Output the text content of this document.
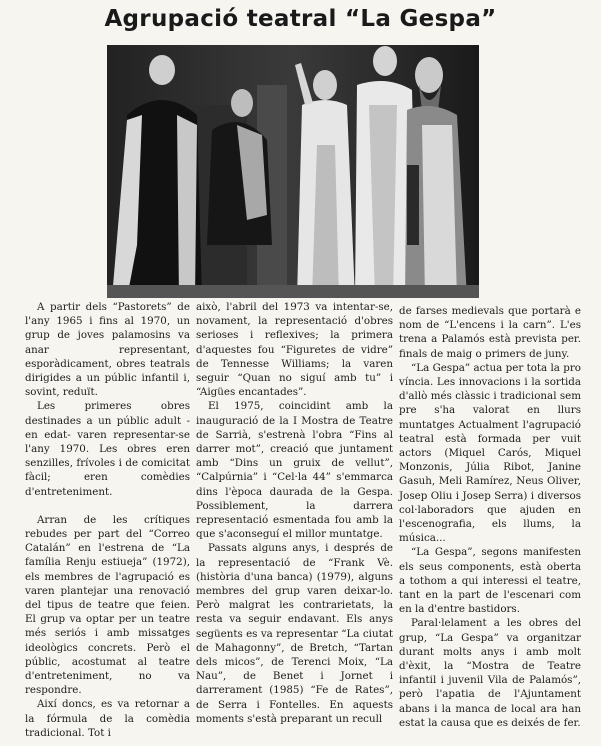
Agrupació teatral “La Gespa”

A partir dels “Pastorets” de l'any 1965 i fins al 1970, un grup de joves palamosins va anar representant, esporàdicament, obres teatrals dirigides a un públic infantil i, sovint, reduït.

Les primeres obres destinades a un públic adult -en edat- varen representar-se l'any 1970. Les obres eren senzilles, frívoles i de comicitat fàcil; eren comèdies d'entreteniment.

Arran de les crítiques rebudes per part del “Correo Catalán” en l'estrena de “La família Renju estiueja” (1972), els membres de l'agrupació es varen plantejar una renovació del tipus de teatre que feien. El grup va optar per un teatre més seriós i amb missatges ideològics concrets. Però el públic, acostumat al teatre d'entreteniment, no va respondre.

Així doncs, es va retornar a la fórmula de la comèdia tradicional. Tot i

això, l'abril del 1973 va intentar-se, novament, la representació d'obres serioses i reflexives; la primera d'aquestes fou “Figuretes de vidre” de Tennesse Williams; la varen seguir “Quan no siguí amb tu” i “Aigües encantades”.

El 1975, coincidint amb la inauguració de la I Mostra de Teatre de Sarrià, s'estrenà l'obra “Fins al darrer mot”, creació que juntament amb “Dins un gruix de vellut”, “Calpúrnia” i “Cel·la 44” s'emmarca dins l'època daurada de la Gespa. Possiblement, la darrera representació esmentada fou amb la que s'aconseguí el millor muntatge.

Passats alguns anys, i després de la representació de “Frank Vè. (història d'una banca) (1979), alguns membres del grup varen deixar-lo. Però malgrat les contrarietats, la resta va seguir endavant. Els anys següents es va representar “La ciutat de Mahagonny”, de Bretch, “Tartan dels micos”, de Terenci Moix, “La Nau”, de Benet i Jornet i darrerament (1985) “Fe de Rates”, de Serra i Fontelles. En aquests moments s'està preparant un recull

de farses medievals que portarà e nom de “L'encens i la carn”. L'es trena a Palamós està prevista per. finals de maig o primers de juny.

“La Gespa” actua per tota la pro víncia. Les innovacions i la sortida d'allò més clàssic i tradicional sem pre s'ha valorat en llurs muntatges Actualment l'agrupació teatral està formada per vuit actors (Miquel Carós, Miquel Monzonis, Júlia Ribot, Janine Gasuh, Meli Ramírez, Neus Oliver, Josep Oliu i Josep Serra) i diversos col·laboradors que ajuden en l'escenografia, els llums, la música...

“La Gespa”, segons manifesten els seus components, està oberta a tothom a qui interessi el teatre, tant en la part de l'escenari com en la d'entre bastidors.

Paral·lelament a les obres del grup, “La Gespa” va organitzar durant molts anys i amb molt d'èxit, la “Mostra de Teatre infantil i juvenil Vila de Palamós”, però l'apatia de l'Ajuntament abans i la manca de local ara han estat la causa que es deixés de fer.
